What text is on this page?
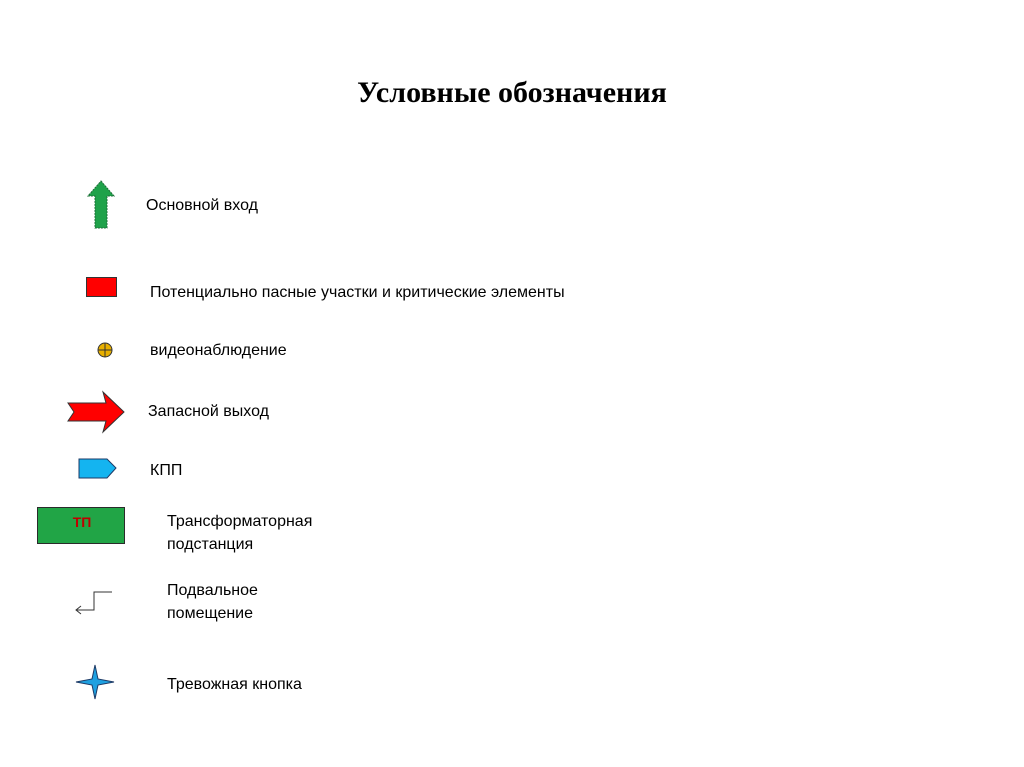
Условные обозначения
Основной вход
Потенциально пасные участки и критические элементы
видеонаблюдение
Запасной выход
КПП
ТП	Трансформаторная
подстанция
Подвальное
помещение
Тревожная кнопка
